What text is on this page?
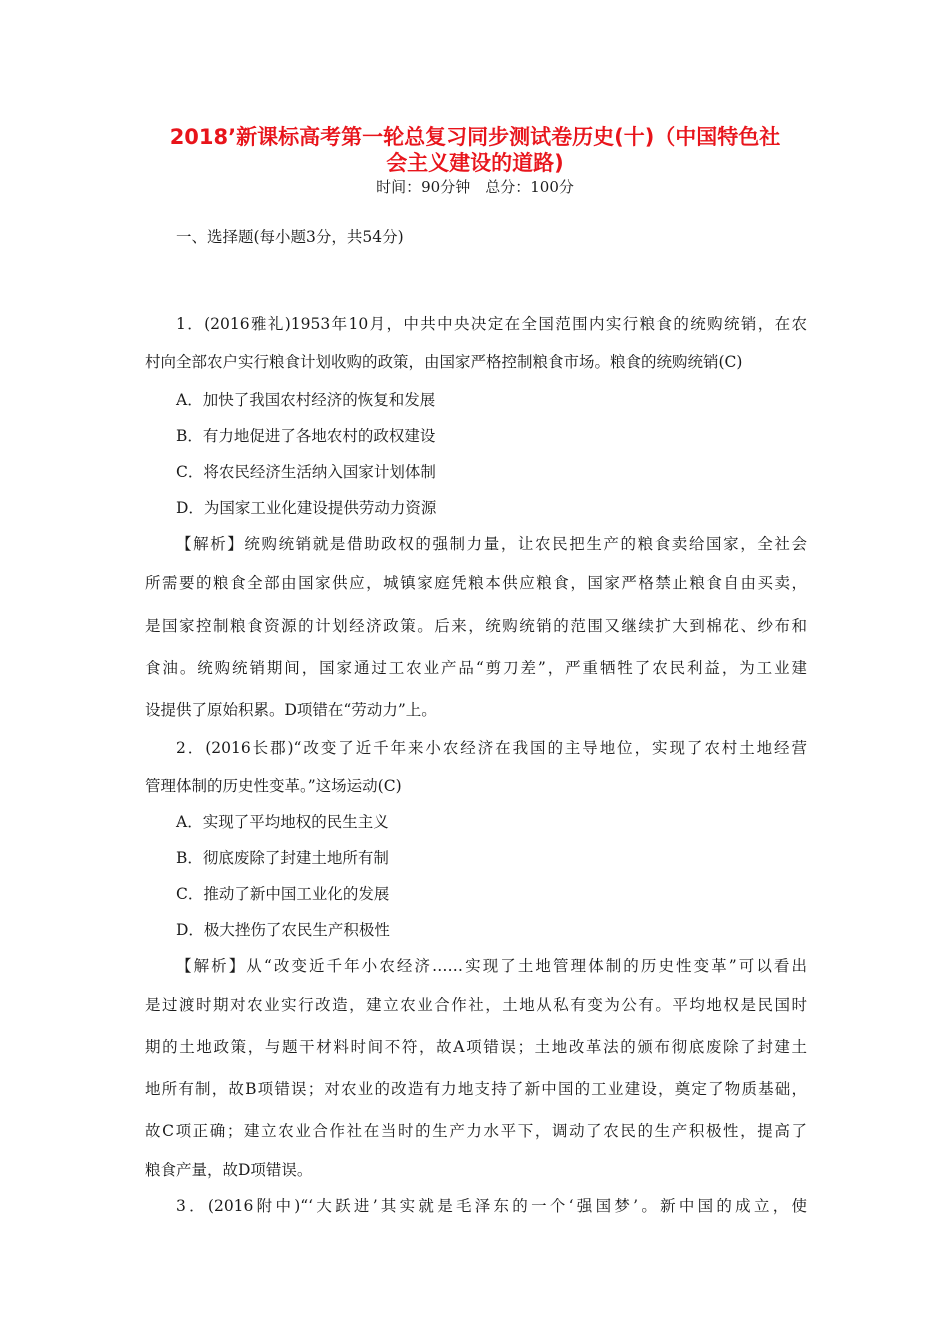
2018’新课标高考第一轮总复习同步测试卷历史(十)（中国特色社
会主义建设的道路)
时间：90分钟　总分：100分
一、选择题(每小题3分，共54分)
1．(2016雅礼)1953年10月，中共中央决定在全国范围内实行粮食的统购统销，在农
村向全部农户实行粮食计划收购的政策，由国家严格控制粮食市场。粮食的统购统销(C)
A．加快了我国农村经济的恢复和发展
B．有力地促进了各地农村的政权建设
C．将农民经济生活纳入国家计划体制
D．为国家工业化建设提供劳动力资源
【解析】统购统销就是借助政权的强制力量，让农民把生产的粮食卖给国家，全社会
所需要的粮食全部由国家供应，城镇家庭凭粮本供应粮食，国家严格禁止粮食自由买卖，
是国家控制粮食资源的计划经济政策。后来，统购统销的范围又继续扩大到棉花、纱布和
食油。统购统销期间，国家通过工农业产品“剪刀差”，严重牺牲了农民利益，为工业建
设提供了原始积累。D项错在“劳动力”上。
2．(2016长郡)“改变了近千年来小农经济在我国的主导地位，实现了农村土地经营
管理体制的历史性变革。”这场运动(C)
A．实现了平均地权的民生主义
B．彻底废除了封建土地所有制
C．推动了新中国工业化的发展
D．极大挫伤了农民生产积极性
【解析】从“改变近千年小农经济……实现了土地管理体制的历史性变革”可以看出
是过渡时期对农业实行改造，建立农业合作社，土地从私有变为公有。平均地权是民国时
期的土地政策，与题干材料时间不符，故A项错误；土地改革法的颁布彻底废除了封建土
地所有制，故B项错误；对农业的改造有力地支持了新中国的工业建设，奠定了物质基础，
故C项正确；建立农业合作社在当时的生产力水平下，调动了农民的生产积极性，提高了
粮食产量，故D项错误。
3．(2016附中)“‘大跃进’其实就是毛泽东的一个‘强国梦’。新中国的成立，使
